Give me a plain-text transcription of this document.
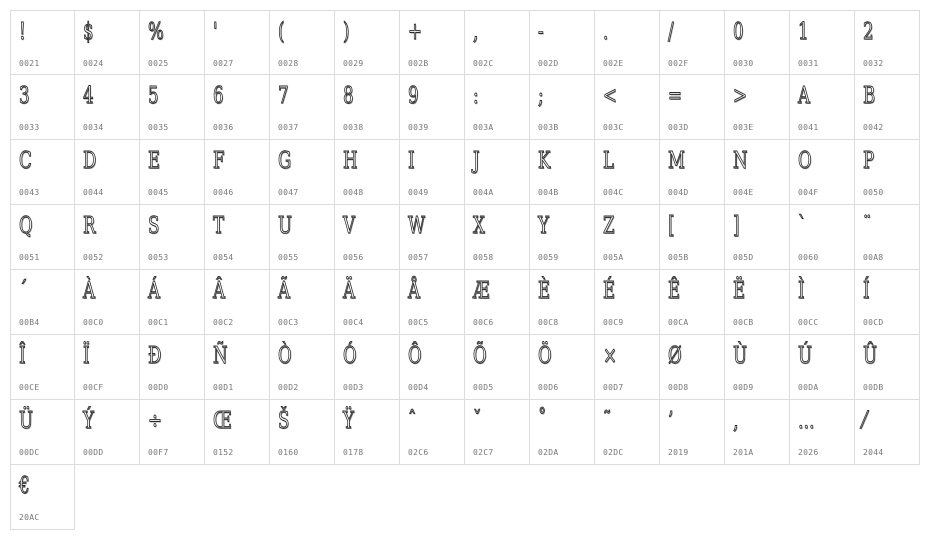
!
0021
$
0024
%
0025
'
0027
(
0028
)
0029
+
002B
,
002C
-
002D
.
002E
/
002F
0
0030
1
0031
2
0032
3
0033
4
0034
5
0035
6
0036
7
0037
8
0038
9
0039
:
003A
;
003B
<
003C
=
003D
>
003E
A
0041
B
0042
C
0043
D
0044
E
0045
F
0046
G
0047
H
0048
I
0049
J
004A
K
004B
L
004C
M
004D
N
004E
O
004F
P
0050
Q
0051
R
0052
S
0053
T
0054
U
0055
V
0056
W
0057
X
0058
Y
0059
Z
005A
[
005B
]
005D
`
0060
¨
00A8
´
00B4
À
00C0
Á
00C1
Â
00C2
Ã
00C3
Ä
00C4
Å
00C5
Æ
00C6
È
00C8
É
00C9
Ê
00CA
Ë
00CB
Ì
00CC
Í
00CD
Î
00CE
Ï
00CF
Ð
00D0
Ñ
00D1
Ò
00D2
Ó
00D3
Ô
00D4
Õ
00D5
Ö
00D6
×
00D7
Ø
00D8
Ù
00D9
Ú
00DA
Û
00DB
Ü
00DC
Ý
00DD
÷
00F7
Œ
0152
Š
0160
Ÿ
0178
ˆ
02C6
ˇ
02C7
˚
02DA
˜
02DC
’
2019
‚
201A
…
2026
⁄
2044
€
20AC
